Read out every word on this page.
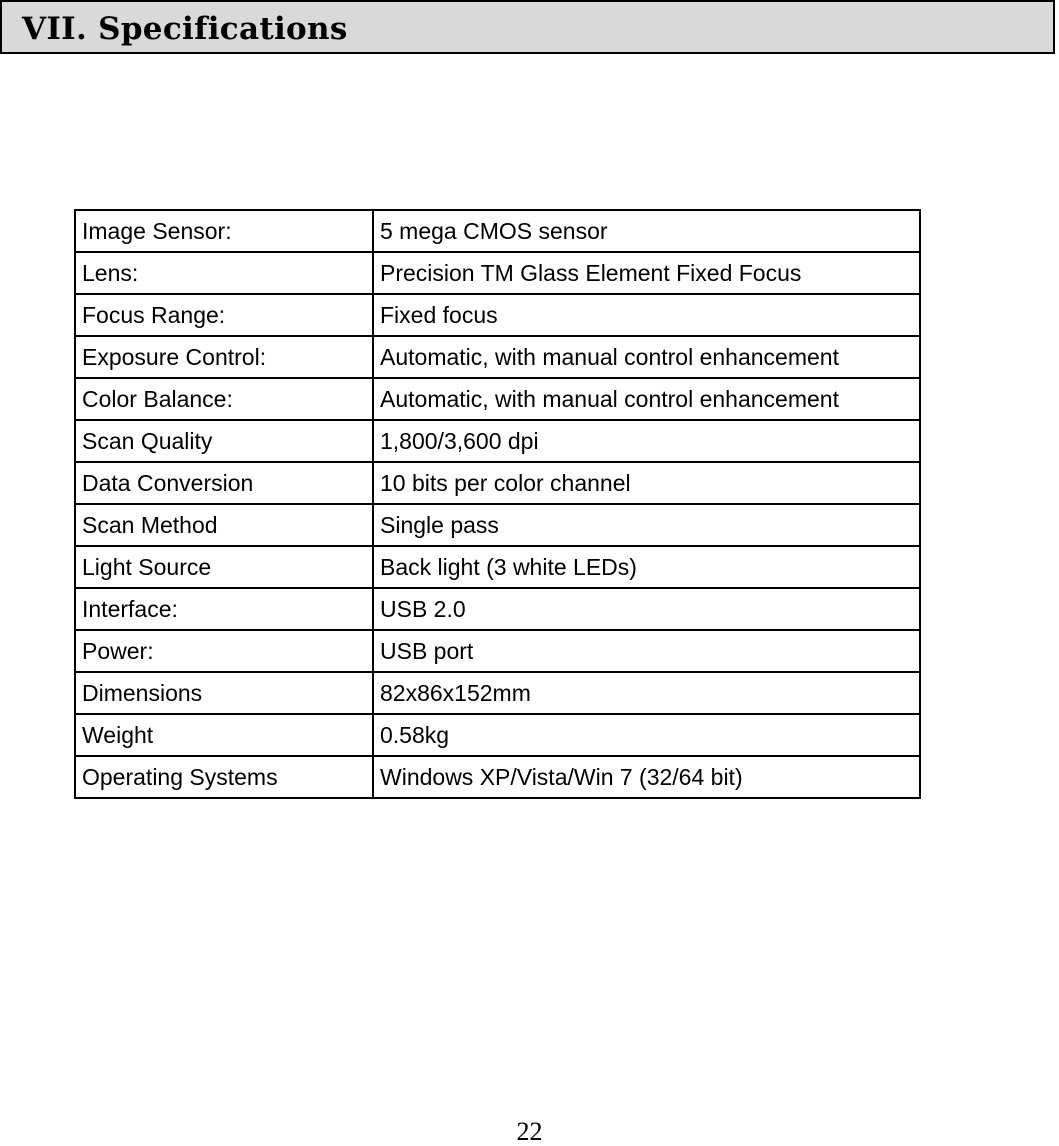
VII. Specifications
Image Sensor:	5 mega CMOS sensor
Lens:	Precision TM Glass Element Fixed Focus
Focus Range:	Fixed focus
Exposure Control:	Automatic, with manual control enhancement
Color Balance:	Automatic, with manual control enhancement
Scan Quality	1,800/3,600 dpi
Data Conversion	10 bits per color channel
Scan Method	Single pass
Light Source	Back light (3 white LEDs)
Interface:	USB 2.0
Power:	USB port
Dimensions	82x86x152mm
Weight	0.58kg
Operating Systems	Windows XP/Vista/Win 7 (32/64 bit)
22
